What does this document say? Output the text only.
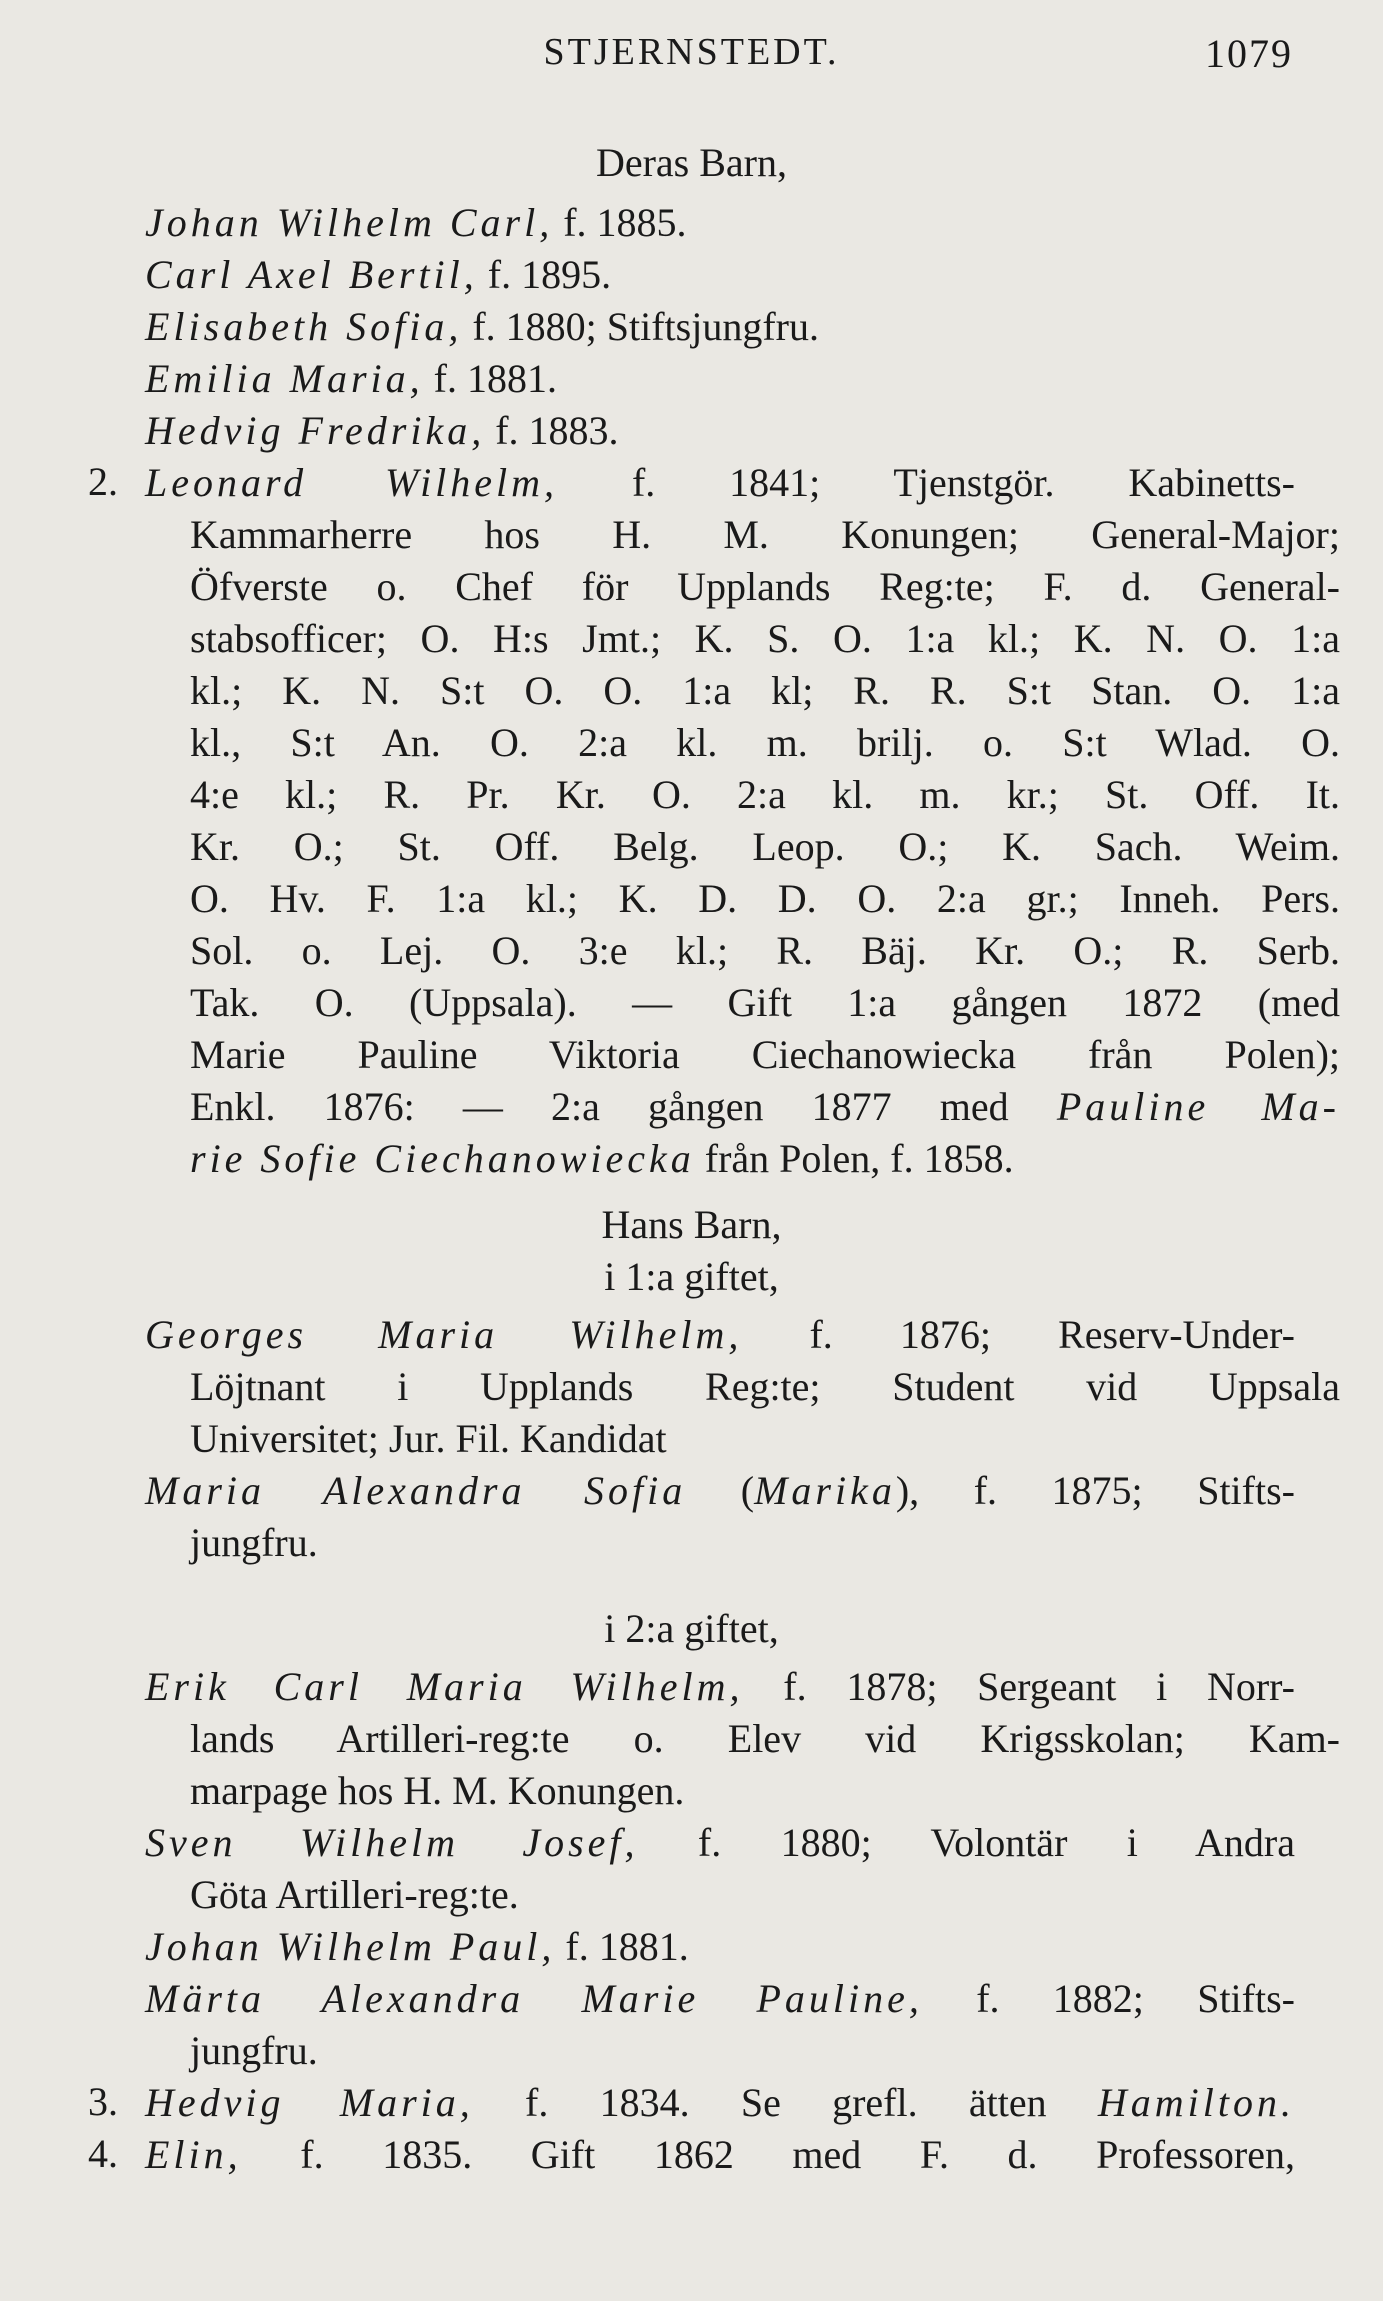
STJERNSTEDT.	1079
Deras Barn,
Johan Wilhelm Carl, f. 1885.
Carl Axel Bertil, f. 1895.
Elisabeth Sofia, f. 1880; Stiftsjungfru.
Emilia Maria, f. 1881.
Hedvig Fredrika, f. 1883.
2. Leonard Wilhelm, f. 1841; Tjenstgör. Kabinetts-
Kammarherre hos H. M. Konungen; General-Major;
Öfverste o. Chef för Upplands Reg:te; F. d. General-
stabsofficer; O. H:s Jmt.; K. S. O. 1:a kl.; K. N. O. 1:a
kl.; K. N. S:t O. O. 1:a kl; R. R. S:t Stan. O. 1:a
kl., S:t An. O. 2:a kl. m. brilj. o. S:t Wlad. O.
4:e kl.; R. Pr. Kr. O. 2:a kl. m. kr.; St. Off. It.
Kr. O.; St. Off. Belg. Leop. O.; K. Sach. Weim.
O. Hv. F. 1:a kl.; K. D. D. O. 2:a gr.; Inneh. Pers.
Sol. o. Lej. O. 3:e kl.; R. Bäj. Kr. O.; R. Serb.
Tak. O. (Uppsala). — Gift 1:a gången 1872 (med
Marie Pauline Viktoria Ciechanowiecka från Polen);
Enkl. 1876: — 2:a gången 1877 med Pauline Ma-
rie Sofie Ciechanowiecka från Polen, f. 1858.
Hans Barn,
i 1:a giftet,
Georges Maria Wilhelm, f. 1876; Reserv-Under-
Löjtnant i Upplands Reg:te; Student vid Uppsala
Universitet; Jur. Fil. Kandidat
Maria Alexandra Sofia (Marika), f. 1875; Stifts-
jungfru.
i 2:a giftet,
Erik Carl Maria Wilhelm, f. 1878; Sergeant i Norr-
lands Artilleri-reg:te o. Elev vid Krigsskolan; Kam-
marpage hos H. M. Konungen.
Sven Wilhelm Josef, f. 1880; Volontär i Andra
Göta Artilleri-reg:te.
Johan Wilhelm Paul, f. 1881.
Märta Alexandra Marie Pauline, f. 1882; Stifts-
jungfru.
3. Hedvig Maria, f. 1834. Se grefl. ätten Hamilton.
4. Elin, f. 1835. Gift 1862 med F. d. Professoren,
